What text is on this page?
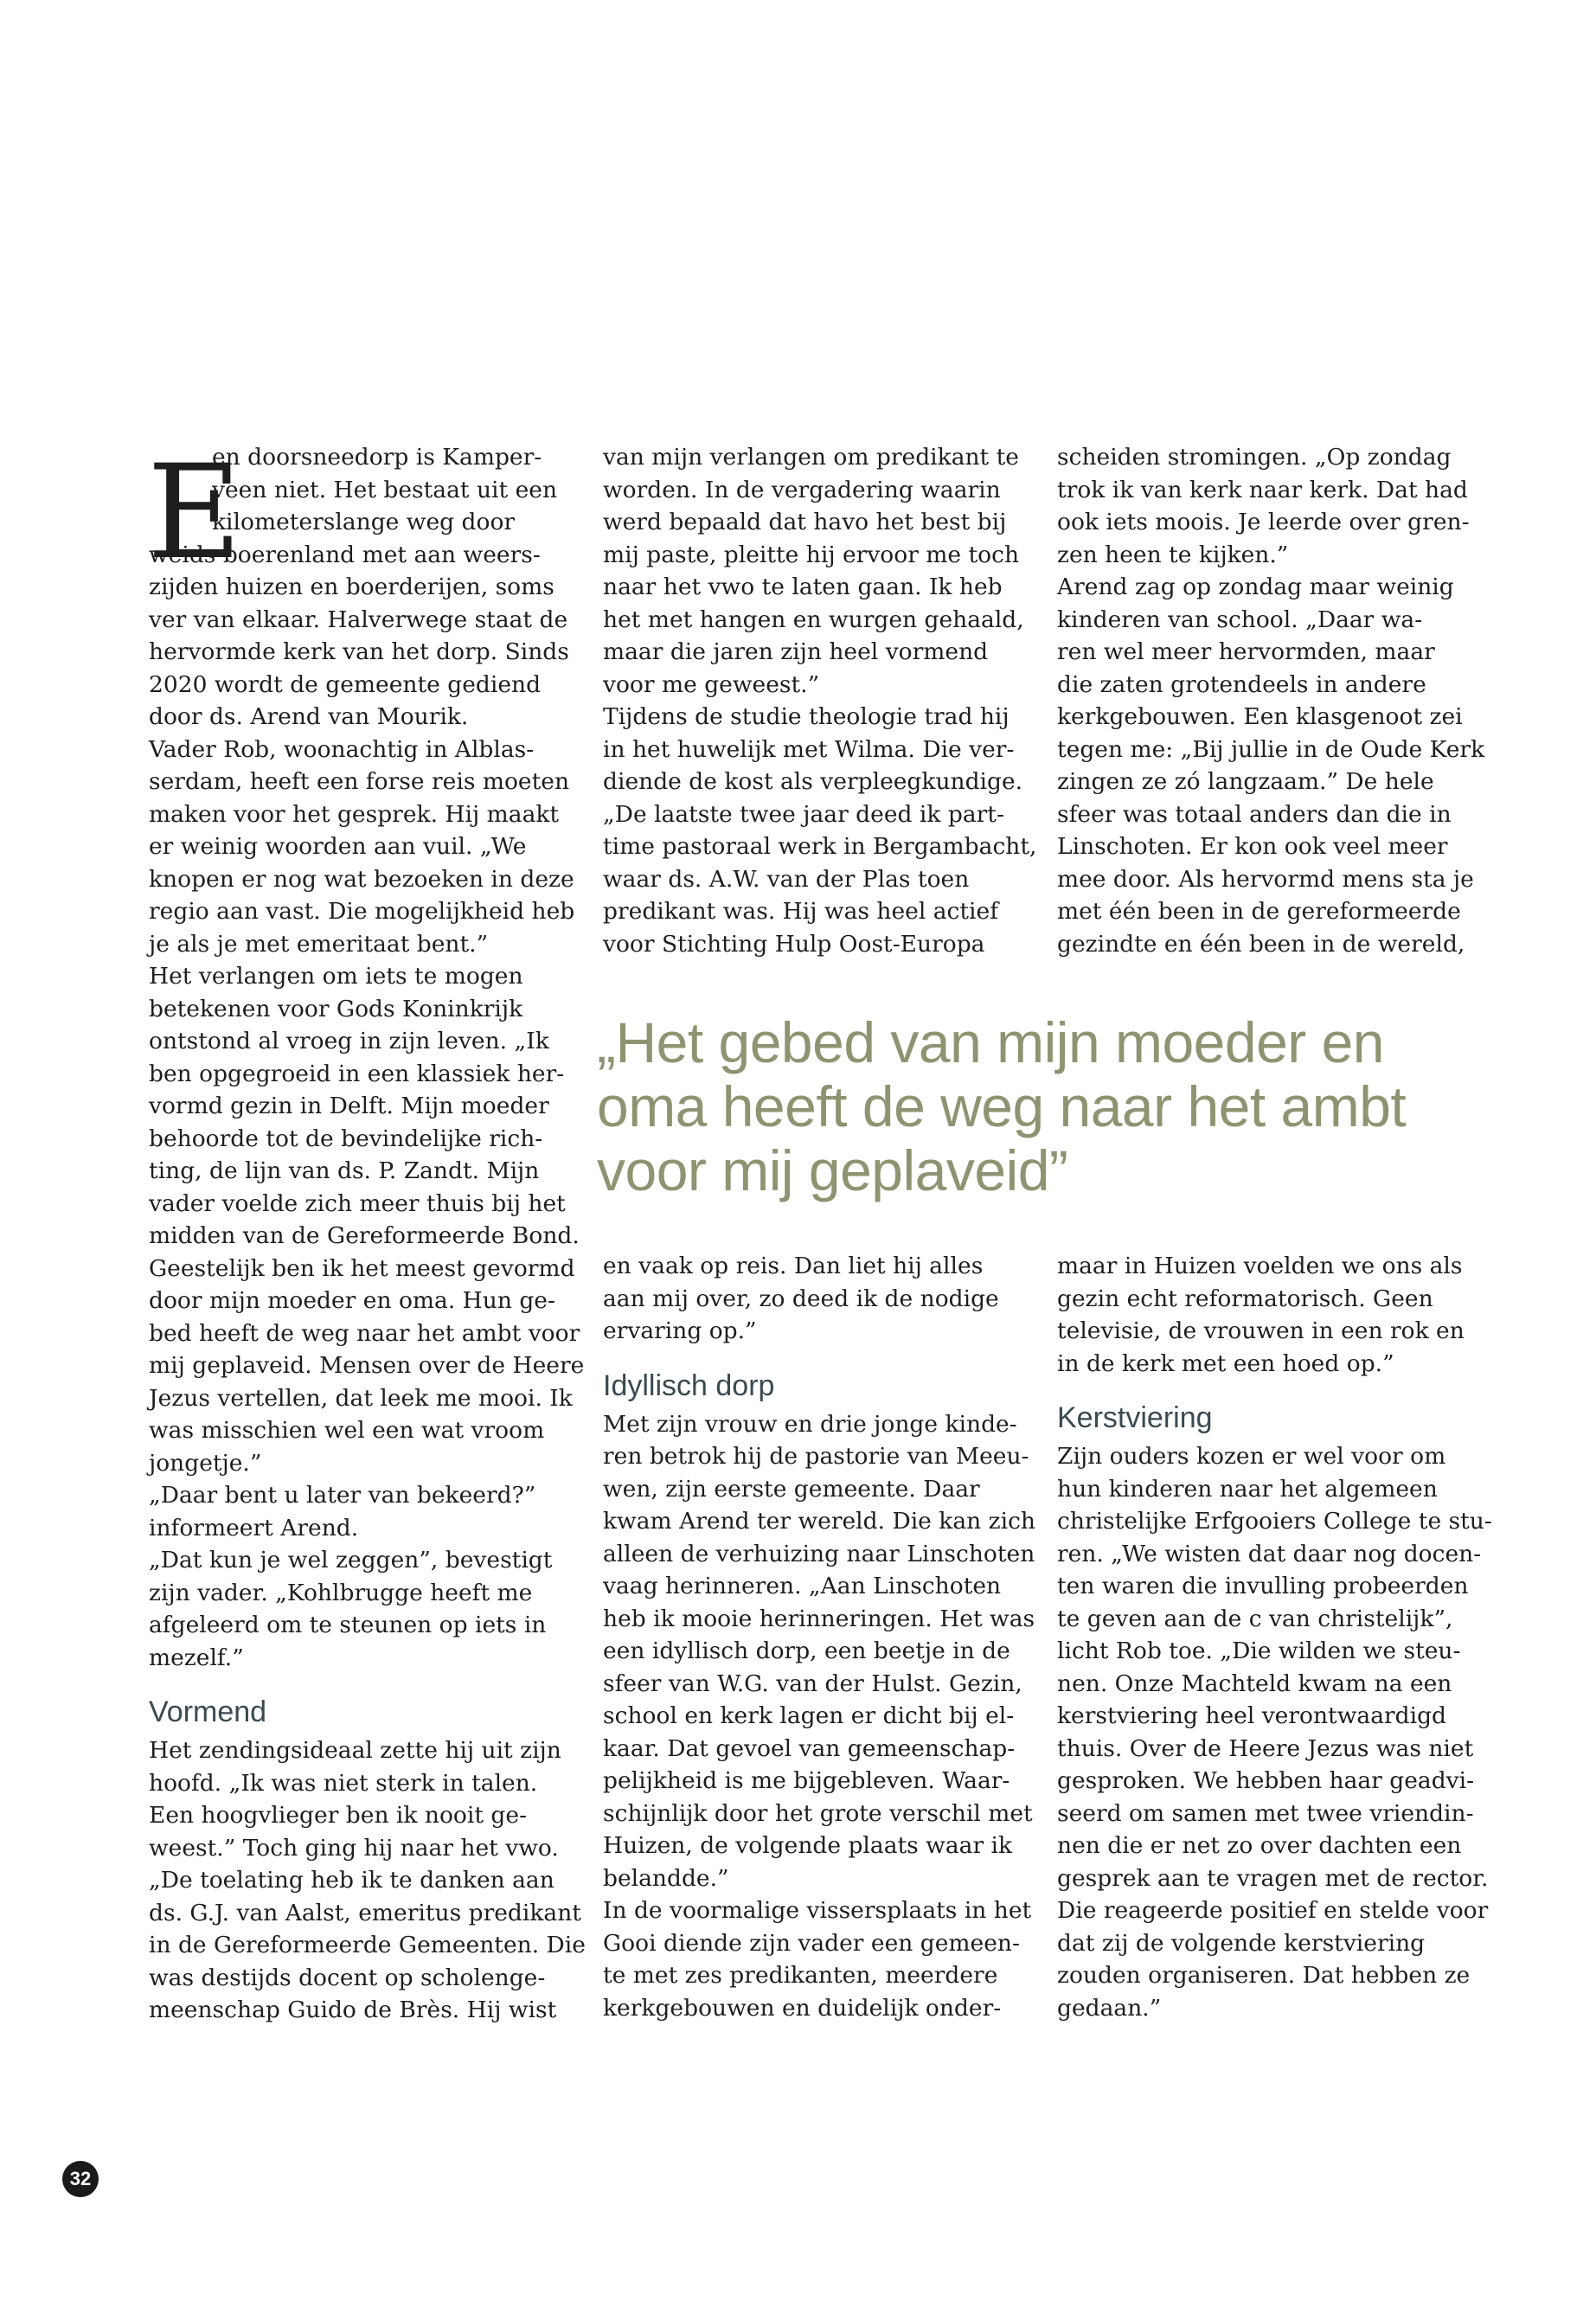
E
en doorsneedorp is Kamper-
veen niet. Het bestaat uit een
kilometerslange weg door
weids boerenland met aan weers-
zijden huizen en boerderijen, soms
ver van elkaar. Halverwege staat de
hervormde kerk van het dorp. Sinds
2020 wordt de gemeente gediend
door ds. Arend van Mourik.
Vader Rob, woonachtig in Alblas-
serdam, heeft een forse reis moeten
maken voor het gesprek. Hij maakt
er weinig woorden aan vuil. „We
knopen er nog wat bezoeken in deze
regio aan vast. Die mogelijkheid heb
je als je met emeritaat bent.”
Het verlangen om iets te mogen
betekenen voor Gods Koninkrijk
ontstond al vroeg in zijn leven. „Ik
ben opgegroeid in een klassiek her-
vormd gezin in Delft. Mijn moeder
behoorde tot de bevindelijke rich-
ting, de lijn van ds. P. Zandt. Mijn
vader voelde zich meer thuis bij het
midden van de Gereformeerde Bond.
Geestelijk ben ik het meest gevormd
door mijn moeder en oma. Hun ge-
bed heeft de weg naar het ambt voor
mij geplaveid. Mensen over de Heere
Jezus vertellen, dat leek me mooi. Ik
was misschien wel een wat vroom
jongetje.”
„Daar bent u later van bekeerd?”
informeert Arend.
„Dat kun je wel zeggen”, bevestigt
zijn vader. „Kohlbrugge heeft me
afgeleerd om te steunen op iets in
mezelf.”
Vormend
Het zendingsideaal zette hij uit zijn
hoofd. „Ik was niet sterk in talen.
Een hoogvlieger ben ik nooit ge-
weest.” Toch ging hij naar het vwo.
„De toelating heb ik te danken aan
ds. G.J. van Aalst, emeritus predikant
in de Gereformeerde Gemeenten. Die
was destijds docent op scholenge-
meenschap Guido de Brès. Hij wist
van mijn verlangen om predikant te
worden. In de vergadering waarin
werd bepaald dat havo het best bij
mij paste, pleitte hij ervoor me toch
naar het vwo te laten gaan. Ik heb
het met hangen en wurgen gehaald,
maar die jaren zijn heel vormend
voor me geweest.”
Tijdens de studie theologie trad hij
in het huwelijk met Wilma. Die ver-
diende de kost als verpleegkundige.
„De laatste twee jaar deed ik part-
time pastoraal werk in Bergambacht,
waar ds. A.W. van der Plas toen
predikant was. Hij was heel actief
voor Stichting Hulp Oost-Europa
scheiden stromingen. „Op zondag
trok ik van kerk naar kerk. Dat had
ook iets moois. Je leerde over gren-
zen heen te kijken.”
Arend zag op zondag maar weinig
kinderen van school. „Daar wa-
ren wel meer hervormden, maar
die zaten grotendeels in andere
kerkgebouwen. Een klasgenoot zei
tegen me: „Bij jullie in de Oude Kerk
zingen ze zó langzaam.” De hele
sfeer was totaal anders dan die in
Linschoten. Er kon ook veel meer
mee door. Als hervormd mens sta je
met één been in de gereformeerde
gezindte en één been in de wereld,
„Het gebed van mijn moeder en
oma heeft de weg naar het ambt
voor mij geplaveid”
en vaak op reis. Dan liet hij alles
aan mij over, zo deed ik de nodige
ervaring op.”
Idyllisch dorp
Met zijn vrouw en drie jonge kinde-
ren betrok hij de pastorie van Meeu-
wen, zijn eerste gemeente. Daar
kwam Arend ter wereld. Die kan zich
alleen de verhuizing naar Linschoten
vaag herinneren. „Aan Linschoten
heb ik mooie herinneringen. Het was
een idyllisch dorp, een beetje in de
sfeer van W.G. van der Hulst. Gezin,
school en kerk lagen er dicht bij el-
kaar. Dat gevoel van gemeenschap-
pelijkheid is me bijgebleven. Waar-
schijnlijk door het grote verschil met
Huizen, de volgende plaats waar ik
belandde.”
In de voormalige vissersplaats in het
Gooi diende zijn vader een gemeen-
te met zes predikanten, meerdere
kerkgebouwen en duidelijk onder-
maar in Huizen voelden we ons als
gezin echt reformatorisch. Geen
televisie, de vrouwen in een rok en
in de kerk met een hoed op.”
Kerstviering
Zijn ouders kozen er wel voor om
hun kinderen naar het algemeen
christelijke Erfgooiers College te stu-
ren. „We wisten dat daar nog docen-
ten waren die invulling probeerden
te geven aan de c van christelijk”,
licht Rob toe. „Die wilden we steu-
nen. Onze Machteld kwam na een
kerstviering heel verontwaardigd
thuis. Over de Heere Jezus was niet
gesproken. We hebben haar geadvi-
seerd om samen met twee vriendin-
nen die er net zo over dachten een
gesprek aan te vragen met de rector.
Die reageerde positief en stelde voor
dat zij de volgende kerstviering
zouden organiseren. Dat hebben ze
gedaan.”
32
